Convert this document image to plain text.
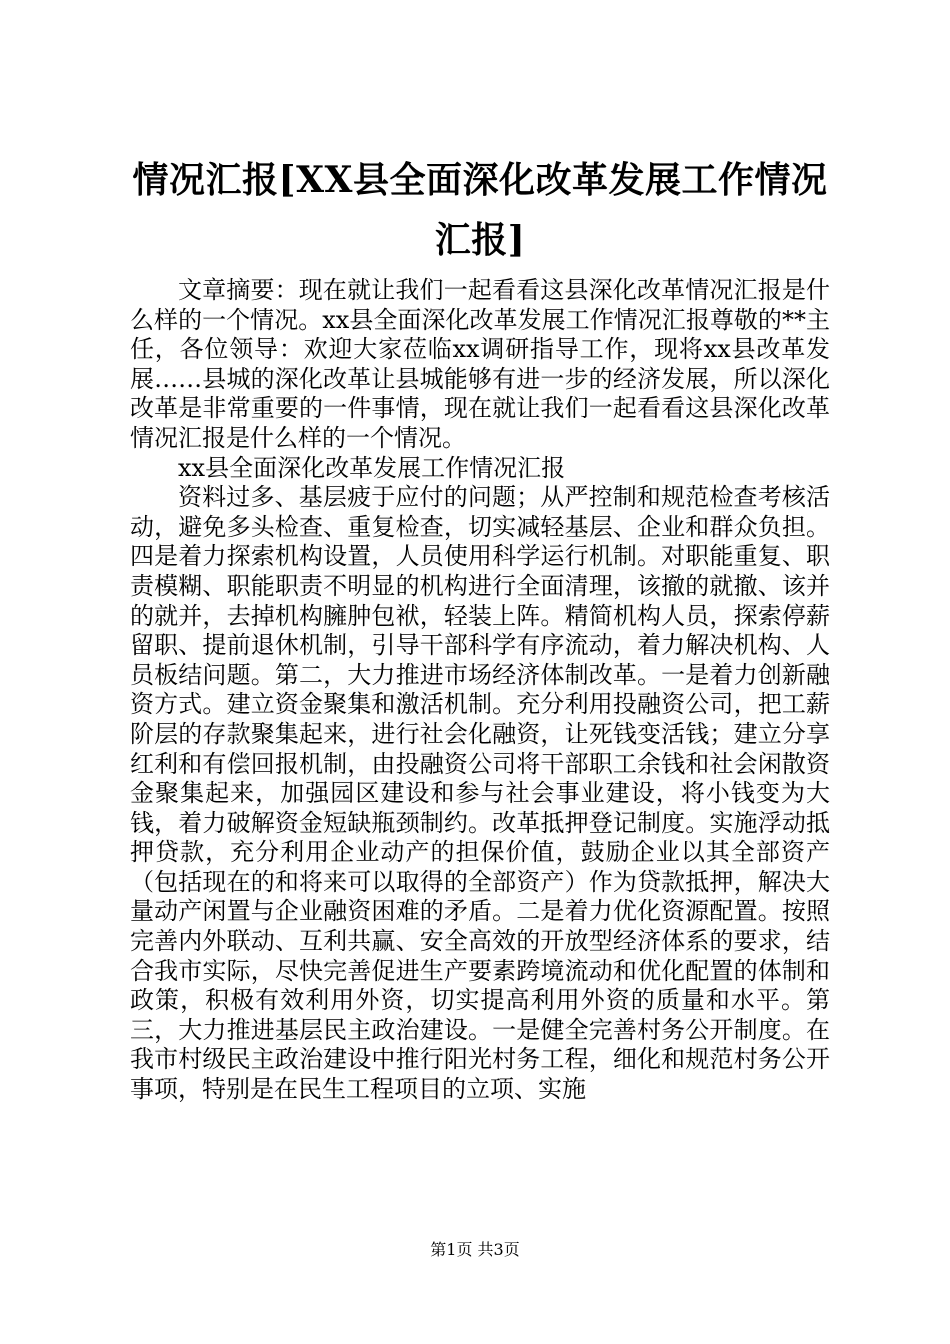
情况汇报[XX县全面深化改革发展工作情况汇报]

文章摘要：现在就让我们一起看看这县深化改革情况汇报是什么样的一个情况。xx县全面深化改革发展工作情况汇报尊敬的**主任，各位领导：欢迎大家莅临xx调研指导工作，现将xx县改革发展……县城的深化改革让县城能够有进一步的经济发展，所以深化改革是非常重要的一件事情，现在就让我们一起看看这县深化改革情况汇报是什么样的一个情况。

xx县全面深化改革发展工作情况汇报

资料过多、基层疲于应付的问题；从严控制和规范检查考核活动，避免多头检查、重复检查，切实减轻基层、企业和群众负担。四是着力探索机构设置，人员使用科学运行机制。对职能重复、职责模糊、职能职责不明显的机构进行全面清理，该撤的就撤、该并的就并，去掉机构臃肿包袱，轻装上阵。精简机构人员，探索停薪留职、提前退休机制，引导干部科学有序流动，着力解决机构、人员板结问题。第二，大力推进市场经济体制改革。一是着力创新融资方式。建立资金聚集和激活机制。充分利用投融资公司，把工薪阶层的存款聚集起来，进行社会化融资，让死钱变活钱；建立分享红利和有偿回报机制，由投融资公司将干部职工余钱和社会闲散资金聚集起来，加强园区建设和参与社会事业建设，将小钱变为大钱，着力破解资金短缺瓶颈制约。改革抵押登记制度。实施浮动抵押贷款，充分利用企业动产的担保价值，鼓励企业以其全部资产（包括现在的和将来可以取得的全部资产）作为贷款抵押，解决大量动产闲置与企业融资困难的矛盾。二是着力优化资源配置。按照完善内外联动、互利共赢、安全高效的开放型经济体系的要求，结合我市实际，尽快完善促进生产要素跨境流动和优化配置的体制和政策，积极有效利用外资，切实提高利用外资的质量和水平。第三，大力推进基层民主政治建设。一是健全完善村务公开制度。在我市村级民主政治建设中推行阳光村务工程，细化和规范村务公开事项，特别是在民生工程项目的立项、实施

第1页 共3页
